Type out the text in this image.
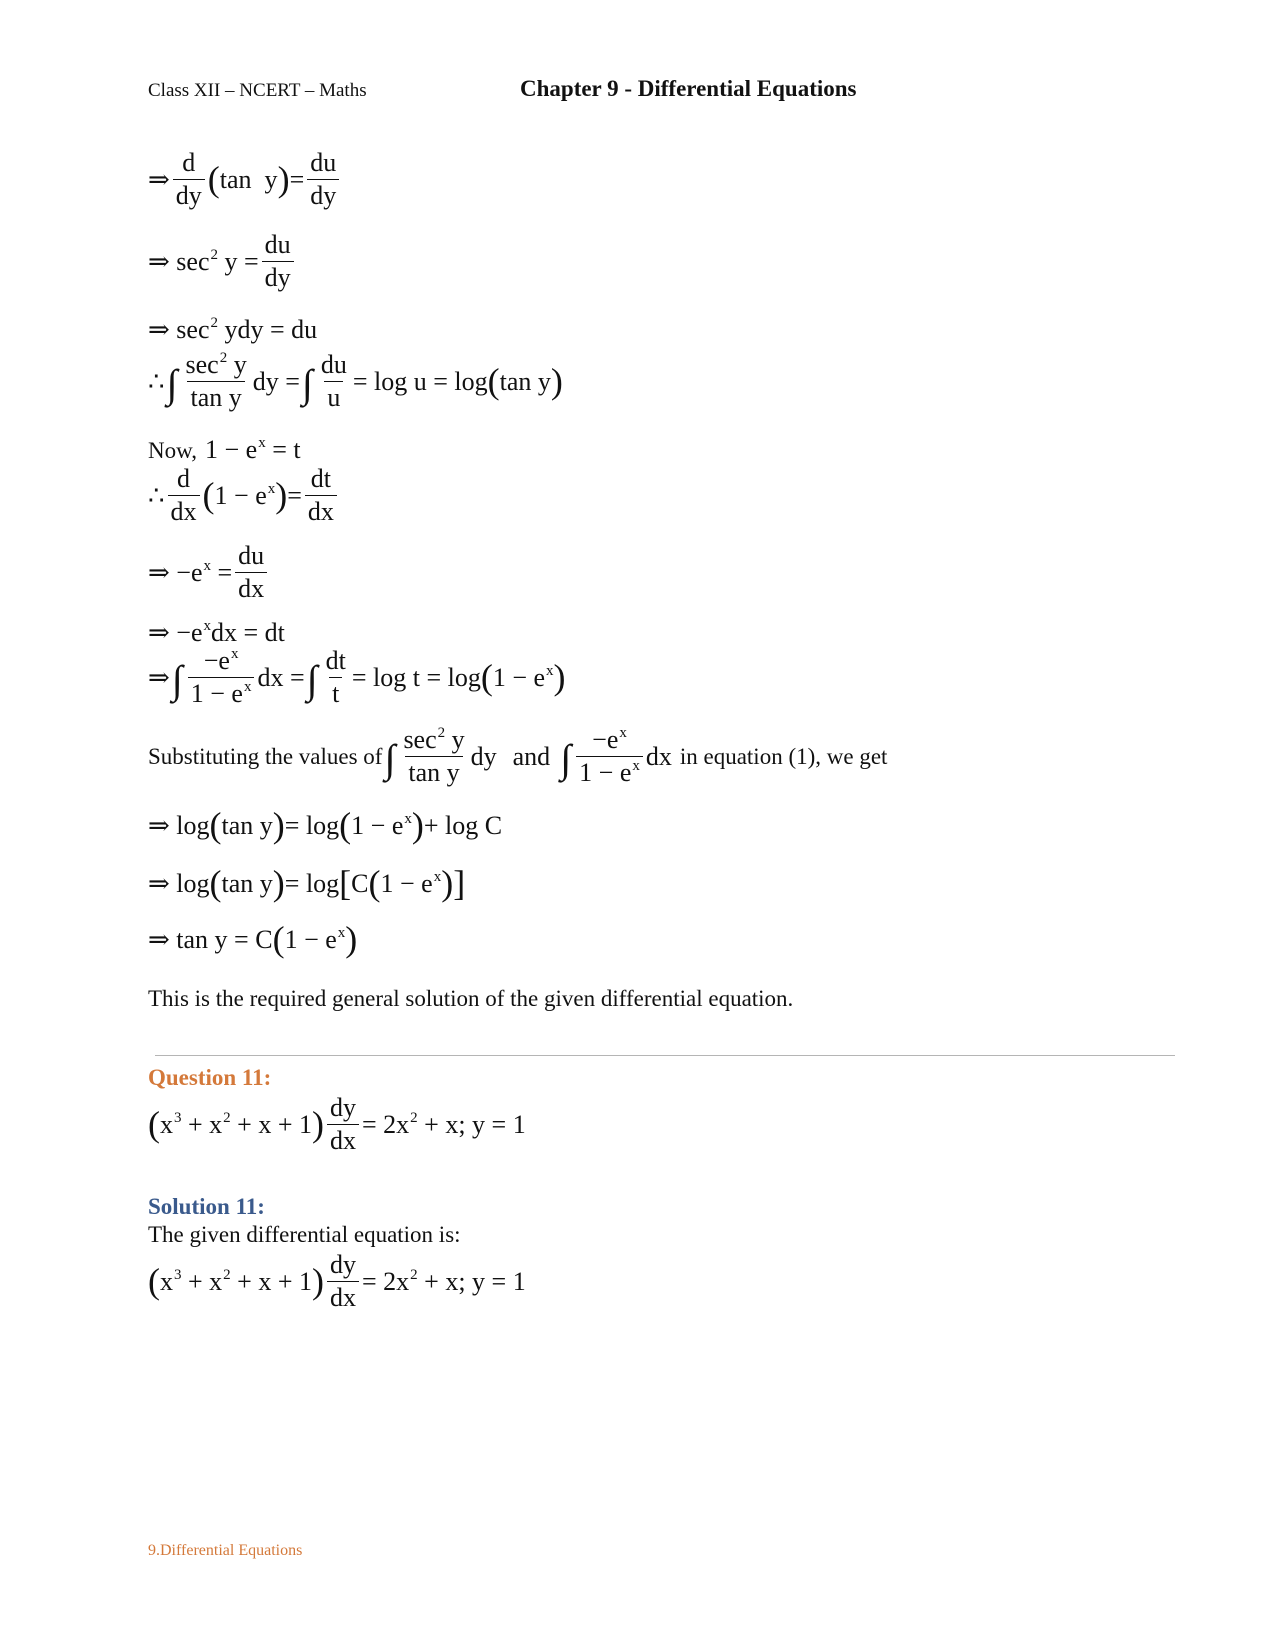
Class XII – NCERT – Maths	Chapter 9 - Differential Equations
⇒ $\frac{d}{dy}$ ( tan  y ) = $\frac{du}{dy}$
⇒ $\sec^2 y = \frac{du}{dy}$
⇒ $\sec^2$ ydy = du
∴ ∫ $\frac{\sec^2 y}{\text{tan y}}$ dy = ∫ $\frac{du}{u} = \log u = \log$ ( tan y )
Now, $1 - e^x = t$
∴ $\frac{d}{dx}$ ( $1 - e^x$ ) = $\frac{dt}{dx}$
⇒ $-e^x = \frac{du}{dx}$
⇒ $-e^xdx$ = dt
⇒ ∫ $\frac{-e^x}{1 - e^x}$ dx = ∫ $\frac{dt}{t} = \log t = \log$ ( $1 - e^x$ )
Substituting the values of ∫ $\frac{\sec^2 y}{\text{tan y}}$ dy and ∫ $\frac{-e^x}{1 - e^x}$ dx in equation (1), we get
⇒ log ( tan y ) = log ( $1 - e^x$ ) + log C
⇒ log ( tan y ) = log [ C ( $1 - e^x$ ) ]
⇒ tan y = C ( $1 - e^x$ )
This is the required general solution of the given differential equation.
Question 11:
( $x^3 + x^2 + x + 1$ ) $\frac{dy}{dx} = 2x^2 + x$; y = 1
Solution 11:
The given differential equation is:
( $x^3 + x^2 + x + 1$ ) $\frac{dy}{dx} = 2x^2 + x$; y = 1
9.Differential Equations
